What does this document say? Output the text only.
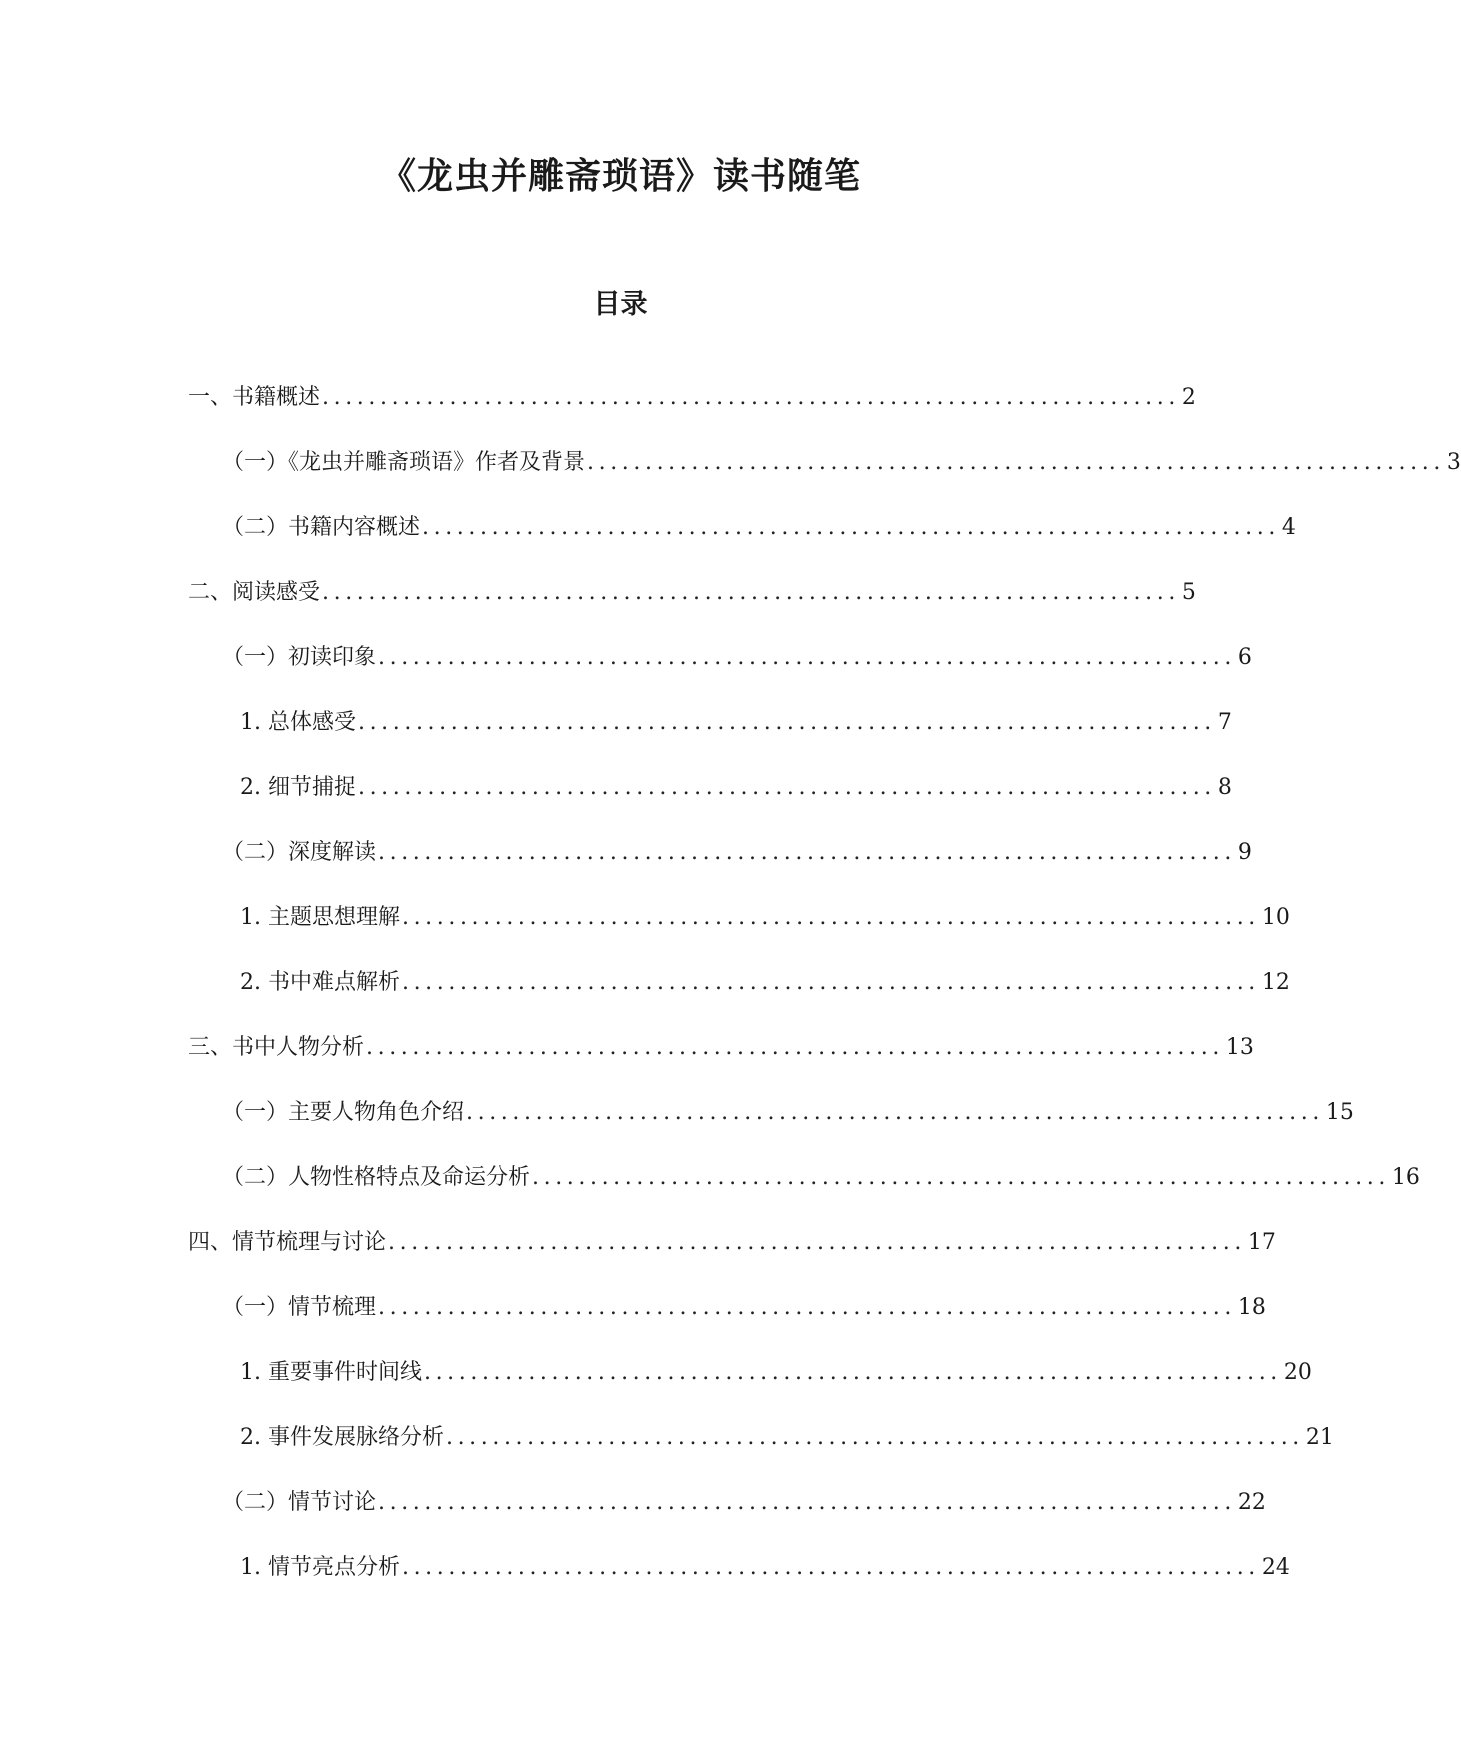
《龙虫并雕斋琐语》读书随笔
目录
一、书籍概述 .......................................................................... 2
（一）《龙虫并雕斋琐语》作者及背景 .......................................................................... 3
（二）书籍内容概述 .......................................................................... 4
二、阅读感受 .......................................................................... 5
（一）初读印象 .......................................................................... 6
1. 总体感受 .......................................................................... 7
2. 细节捕捉 .......................................................................... 8
（二）深度解读 .......................................................................... 9
1. 主题思想理解 .......................................................................... 10
2. 书中难点解析 .......................................................................... 12
三、书中人物分析 .......................................................................... 13
（一）主要人物角色介绍 .......................................................................... 15
（二）人物性格特点及命运分析 .......................................................................... 16
四、情节梳理与讨论 .......................................................................... 17
（一）情节梳理 .......................................................................... 18
1. 重要事件时间线 .......................................................................... 20
2. 事件发展脉络分析 .......................................................................... 21
（二）情节讨论 .......................................................................... 22
1. 情节亮点分析 .......................................................................... 24
